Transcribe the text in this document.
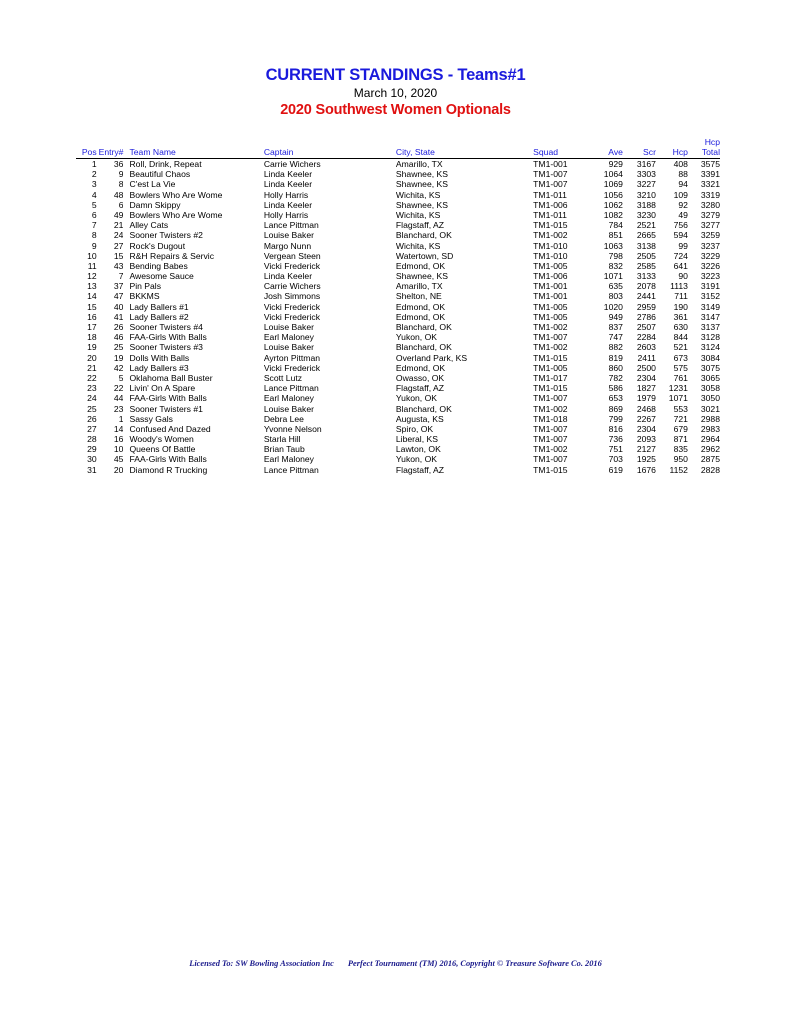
CURRENT STANDINGS - Teams#1
March 10, 2020
2020 Southwest Women Optionals
Pos	Entry#	Team Name	Captain	City, State	Squad	Ave	Scr	Hcp	Hcp
Total
1	36	Roll, Drink, Repeat	Carrie Wichers	Amarillo, TX	TM1-001	929	3167	408	3575
2	9	Beautiful Chaos	Linda Keeler	Shawnee, KS	TM1-007	1064	3303	88	3391
3	8	C'est La Vie	Linda Keeler	Shawnee, KS	TM1-007	1069	3227	94	3321
4	48	Bowlers Who Are Wome	Holly Harris	Wichita, KS	TM1-011	1056	3210	109	3319
5	6	Damn Skippy	Linda Keeler	Shawnee, KS	TM1-006	1062	3188	92	3280
6	49	Bowlers Who Are Wome	Holly Harris	Wichita, KS	TM1-011	1082	3230	49	3279
7	21	Alley Cats	Lance Pittman	Flagstaff, AZ	TM1-015	784	2521	756	3277
8	24	Sooner Twisters #2	Louise Baker	Blanchard, OK	TM1-002	851	2665	594	3259
9	27	Rock's Dugout	Margo Nunn	Wichita, KS	TM1-010	1063	3138	99	3237
10	15	R&H Repairs & Servic	Vergean Steen	Watertown, SD	TM1-010	798	2505	724	3229
11	43	Bending Babes	Vicki Frederick	Edmond, OK	TM1-005	832	2585	641	3226
12	7	Awesome Sauce	Linda Keeler	Shawnee, KS	TM1-006	1071	3133	90	3223
13	37	Pin Pals	Carrie Wichers	Amarillo, TX	TM1-001	635	2078	1113	3191
14	47	BKKMS	Josh Simmons	Shelton, NE	TM1-001	803	2441	711	3152
15	40	Lady Ballers #1	Vicki Frederick	Edmond, OK	TM1-005	1020	2959	190	3149
16	41	Lady Ballers #2	Vicki Frederick	Edmond, OK	TM1-005	949	2786	361	3147
17	26	Sooner Twisters #4	Louise Baker	Blanchard, OK	TM1-002	837	2507	630	3137
18	46	FAA-Girls With Balls	Earl Maloney	Yukon, OK	TM1-007	747	2284	844	3128
19	25	Sooner Twisters #3	Louise Baker	Blanchard, OK	TM1-002	882	2603	521	3124
20	19	Dolls With Balls	Ayrton Pittman	Overland Park, KS	TM1-015	819	2411	673	3084
21	42	Lady Ballers #3	Vicki Frederick	Edmond, OK	TM1-005	860	2500	575	3075
22	5	Oklahoma Ball Buster	Scott Lutz	Owasso, OK	TM1-017	782	2304	761	3065
23	22	Livin' On A Spare	Lance Pittman	Flagstaff, AZ	TM1-015	586	1827	1231	3058
24	44	FAA-Girls With Balls	Earl Maloney	Yukon, OK	TM1-007	653	1979	1071	3050
25	23	Sooner Twisters #1	Louise Baker	Blanchard, OK	TM1-002	869	2468	553	3021
26	1	Sassy Gals	Debra Lee	Augusta, KS	TM1-018	799	2267	721	2988
27	14	Confused And Dazed	Yvonne Nelson	Spiro, OK	TM1-007	816	2304	679	2983
28	16	Woody's Women	Starla Hill	Liberal, KS	TM1-007	736	2093	871	2964
29	10	Queens Of Battle	Brian Taub	Lawton, OK	TM1-002	751	2127	835	2962
30	45	FAA-Girls With Balls	Earl Maloney	Yukon, OK	TM1-007	703	1925	950	2875
31	20	Diamond R Trucking	Lance Pittman	Flagstaff, AZ	TM1-015	619	1676	1152	2828
Licensed To: SW Bowling Association Inc Perfect Tournament (TM) 2016, Copyright © Treasure Software Co. 2016
